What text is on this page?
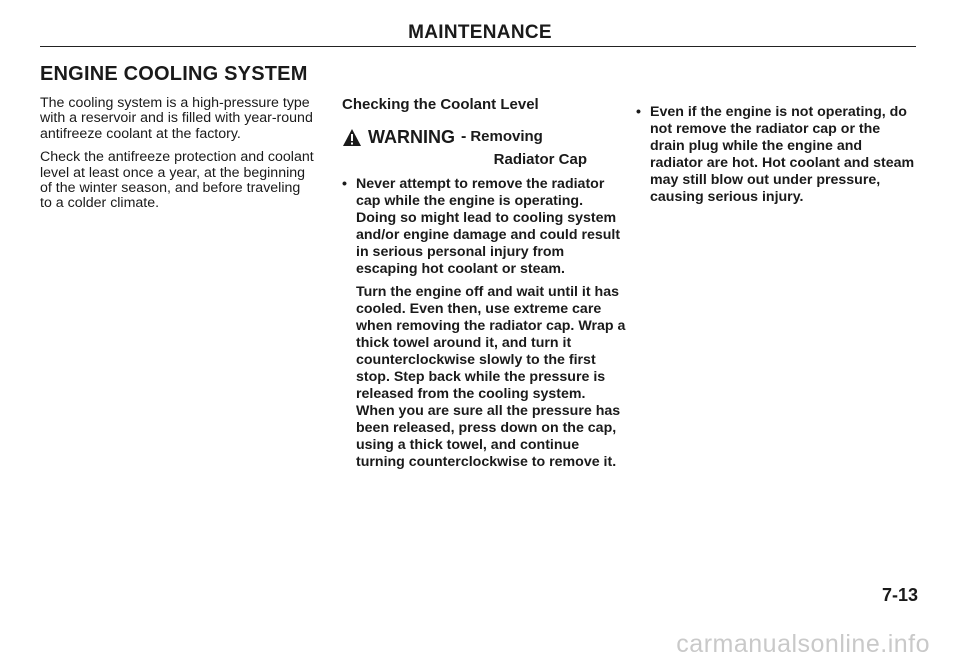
MAINTENANCE
ENGINE COOLING SYSTEM

The cooling system is a high-pressure type with a reservoir and is filled with year-round antifreeze coolant at the factory.

Check the antifreeze protection and coolant level at least once a year, at the beginning of the winter season, and before traveling to a colder climate.

Checking the Coolant Level
WARNING - Removing
Radiator Cap
• Never attempt to remove the radiator cap while the engine is operating. Doing so might lead to cooling system and/or engine damage and could result in serious personal injury from escaping hot coolant or steam.

Turn the engine off and wait until it has cooled. Even then, use extreme care when removing the radiator cap. Wrap a thick towel around it, and turn it counterclockwise slowly to the first stop. Step back while the pressure is released from the cooling system. When you are sure all the pressure has been released, press down on the cap, using a thick towel, and continue turning counterclockwise to remove it.

• Even if the engine is not operating, do not remove the radiator cap or the drain plug while the engine and radiator are hot. Hot coolant and steam may still blow out under pressure, causing serious injury.
7-13
carmanualsonline.info
